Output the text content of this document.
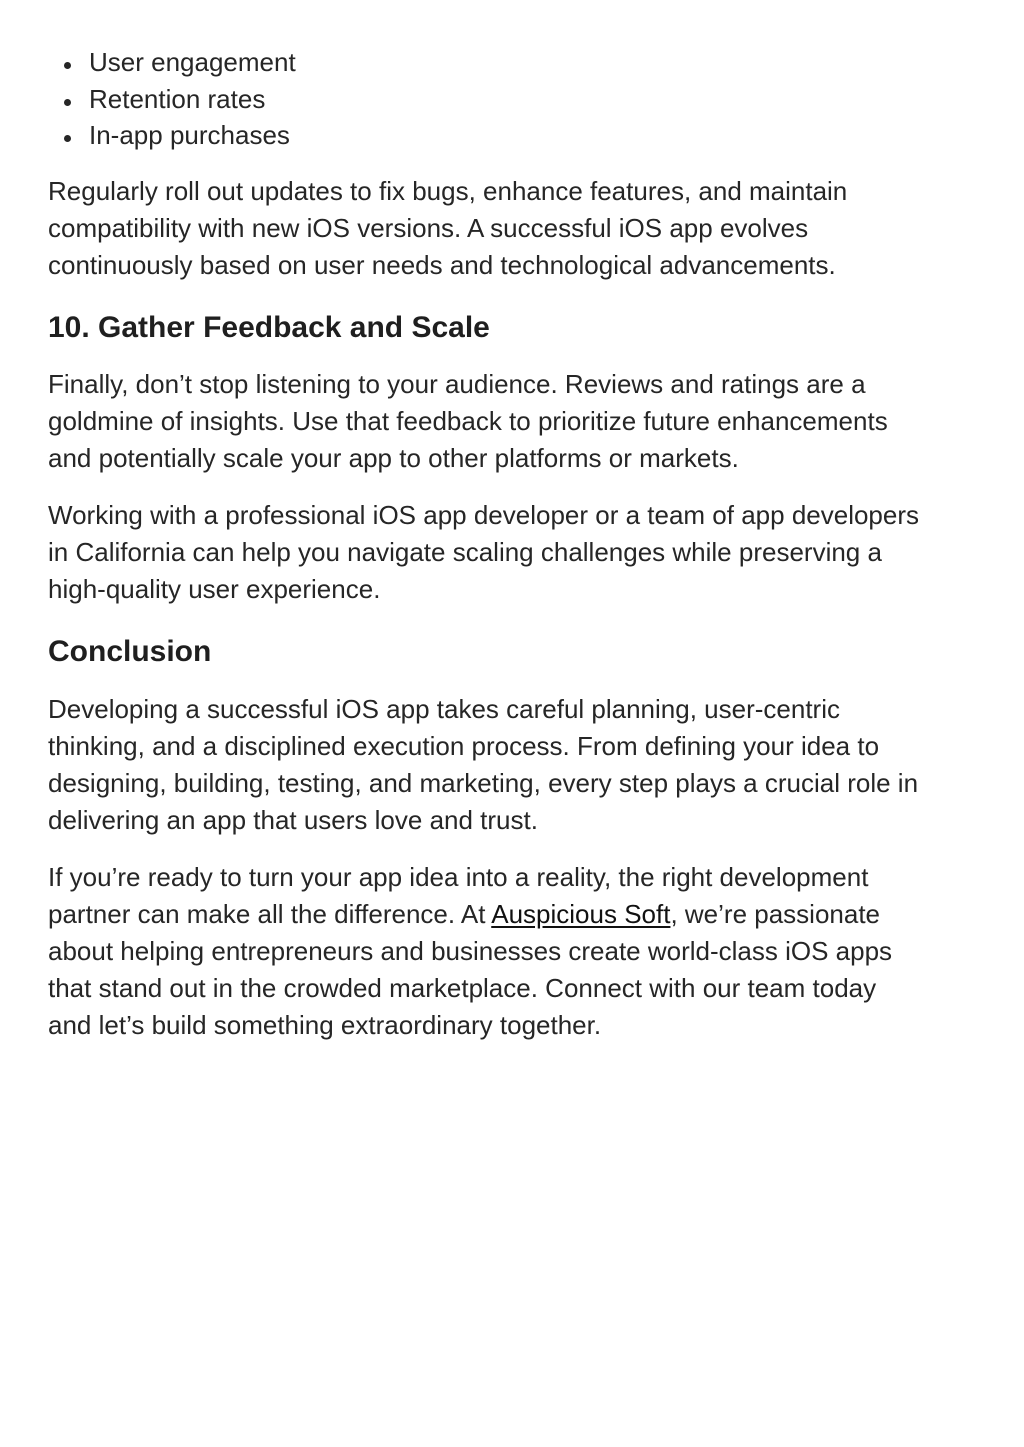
User engagement
Retention rates
In-app purchases

Regularly roll out updates to fix bugs, enhance features, and maintain
compatibility with new iOS versions. A successful iOS app evolves
continuously based on user needs and technological advancements.

10. Gather Feedback and Scale

Finally, don’t stop listening to your audience. Reviews and ratings are a
goldmine of insights. Use that feedback to prioritize future enhancements
and potentially scale your app to other platforms or markets.

Working with a professional iOS app developer or a team of app developers
in California can help you navigate scaling challenges while preserving a
high-quality user experience.

Conclusion

Developing a successful iOS app takes careful planning, user-centric
thinking, and a disciplined execution process. From defining your idea to
designing, building, testing, and marketing, every step plays a crucial role in
delivering an app that users love and trust.

If you’re ready to turn your app idea into a reality, the right development
partner can make all the difference. At Auspicious Soft, we’re passionate
about helping entrepreneurs and businesses create world-class iOS apps
that stand out in the crowded marketplace. Connect with our team today
and let’s build something extraordinary together.
